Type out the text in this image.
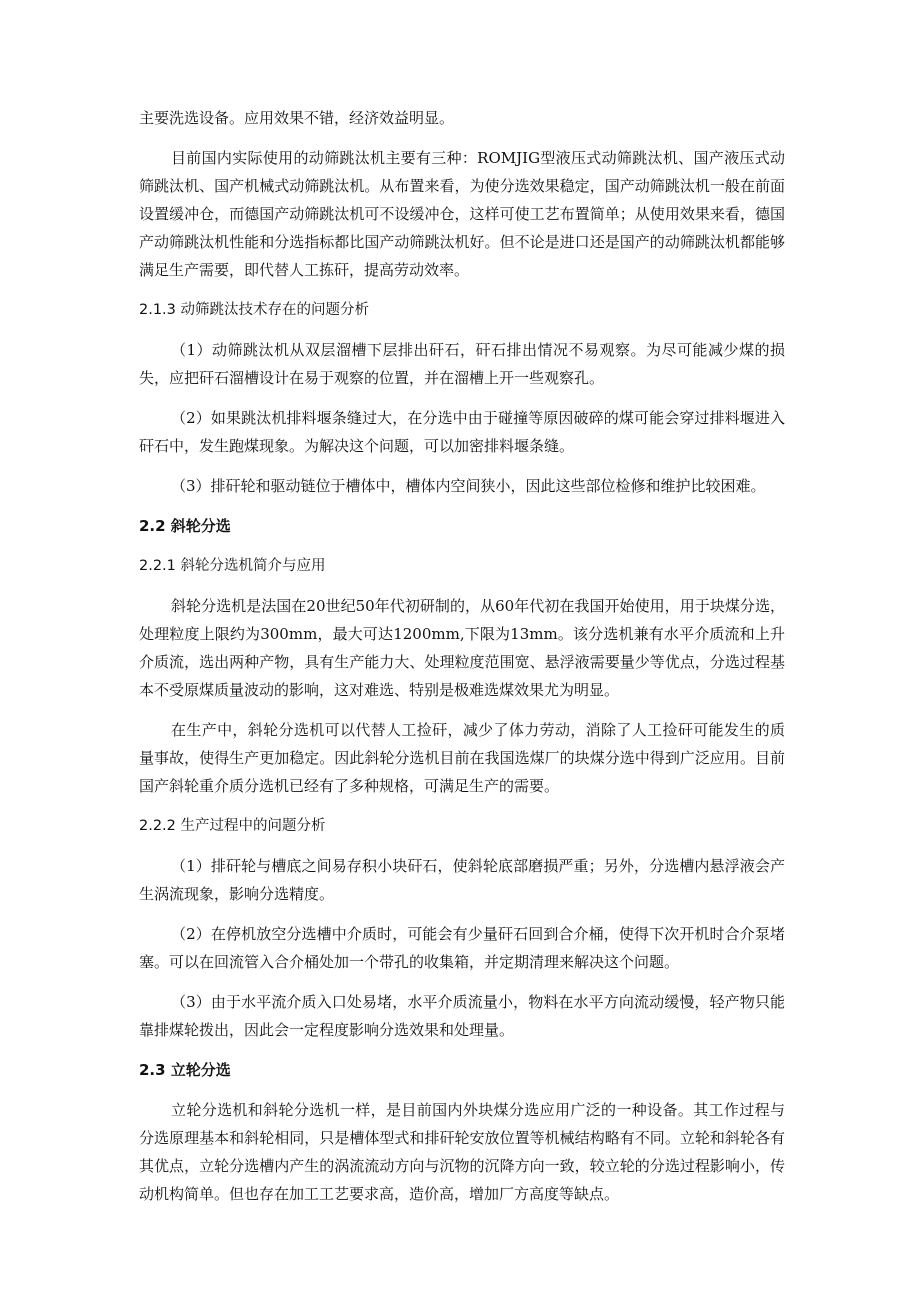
主要洗选设备。应用效果不错，经济效益明显。

目前国内实际使用的动筛跳汰机主要有三种：ROMJIG型液压式动筛跳汰机、国产液压式动筛跳汰机、国产机械式动筛跳汰机。从布置来看，为使分选效果稳定，国产动筛跳汰机一般在前面设置缓冲仓，而德国产动筛跳汰机可不设缓冲仓，这样可使工艺布置简单；从使用效果来看，德国产动筛跳汰机性能和分选指标都比国产动筛跳汰机好。但不论是进口还是国产的动筛跳汰机都能够满足生产需要，即代替人工拣矸，提高劳动效率。

2.1.3 动筛跳汰技术存在的问题分析

（1）动筛跳汰机从双层溜槽下层排出矸石，矸石排出情况不易观察。为尽可能减少煤的损失，应把矸石溜槽设计在易于观察的位置，并在溜槽上开一些观察孔。

（2）如果跳汰机排料堰条缝过大，在分选中由于碰撞等原因破碎的煤可能会穿过排料堰进入矸石中，发生跑煤现象。为解决这个问题，可以加密排料堰条缝。

（3）排矸轮和驱动链位于槽体中，槽体内空间狭小，因此这些部位检修和维护比较困难。

2.2 斜轮分选
2.2.1 斜轮分选机简介与应用

斜轮分选机是法国在20世纪50年代初研制的，从60年代初在我国开始使用，用于块煤分选，处理粒度上限约为300mm，最大可达1200mm,下限为13mm。该分选机兼有水平介质流和上升介质流，选出两种产物，具有生产能力大、处理粒度范围宽、悬浮液需要量少等优点，分选过程基本不受原煤质量波动的影响，这对难选、特别是极难选煤效果尤为明显。

在生产中，斜轮分选机可以代替人工捡矸，减少了体力劳动，消除了人工捡矸可能发生的质量事故，使得生产更加稳定。因此斜轮分选机目前在我国选煤厂的块煤分选中得到广泛应用。目前国产斜轮重介质分选机已经有了多种规格，可满足生产的需要。

2.2.2 生产过程中的问题分析

（1）排矸轮与槽底之间易存积小块矸石，使斜轮底部磨损严重；另外，分选槽内悬浮液会产生涡流现象，影响分选精度。

（2）在停机放空分选槽中介质时，可能会有少量矸石回到合介桶，使得下次开机时合介泵堵塞。可以在回流管入合介桶处加一个带孔的收集箱，并定期清理来解决这个问题。

（3）由于水平流介质入口处易堵，水平介质流量小，物料在水平方向流动缓慢，轻产物只能靠排煤轮拨出，因此会一定程度影响分选效果和处理量。

2.3 立轮分选

立轮分选机和斜轮分选机一样，是目前国内外块煤分选应用广泛的一种设备。其工作过程与分选原理基本和斜轮相同，只是槽体型式和排矸轮安放位置等机械结构略有不同。立轮和斜轮各有其优点，立轮分选槽内产生的涡流流动方向与沉物的沉降方向一致，较立轮的分选过程影响小，传动机构简单。但也存在加工工艺要求高，造价高，增加厂方高度等缺点。
